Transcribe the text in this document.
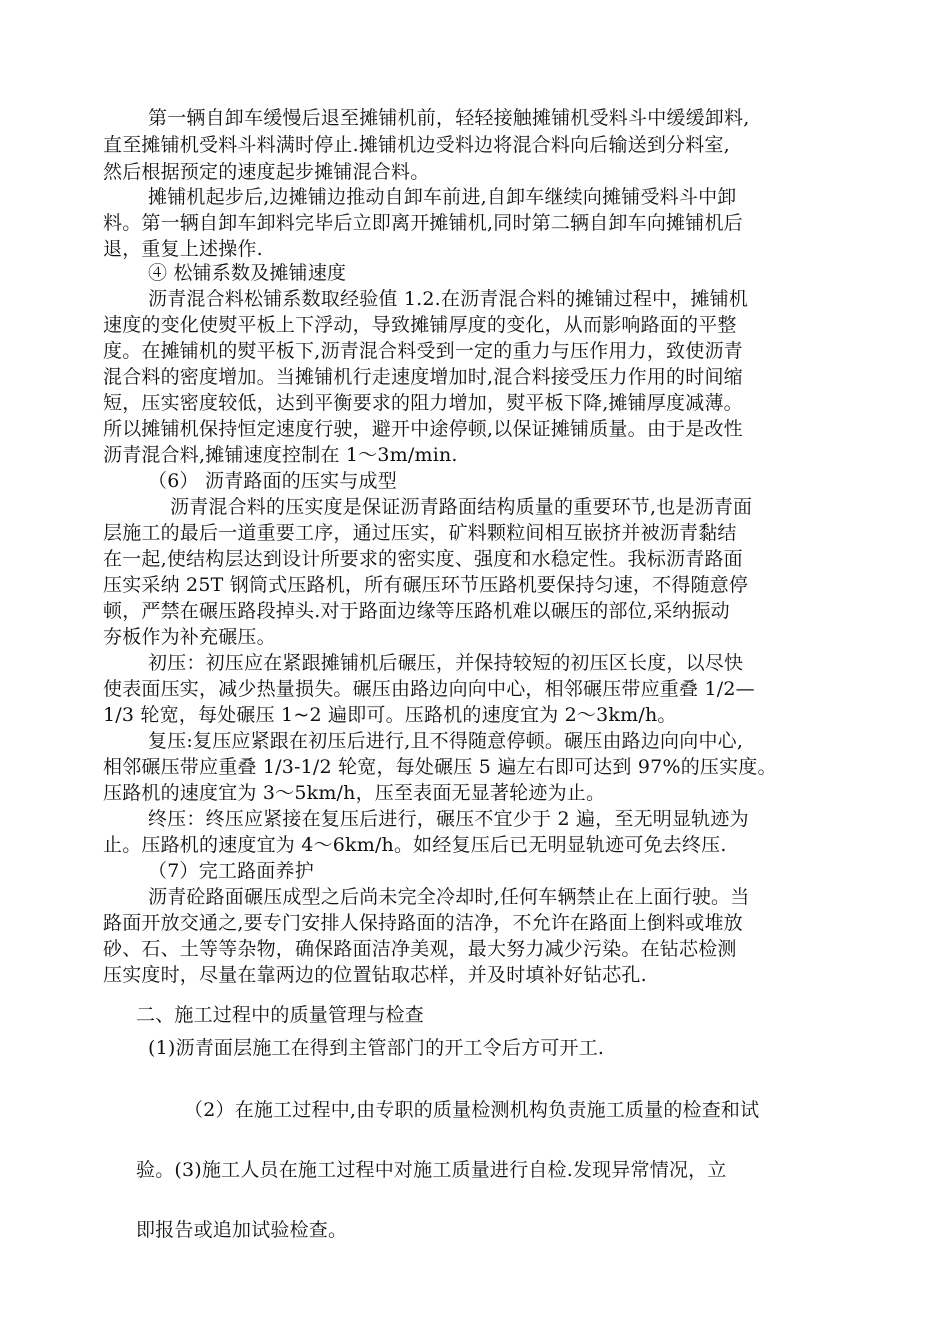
第一辆自卸车缓慢后退至摊铺机前，轻轻接触摊铺机受料斗中缓缓卸料,
直至摊铺机受料斗料满时停止.摊铺机边受料边将混合料向后输送到分料室,
然后根据预定的速度起步摊铺混合料。
摊铺机起步后,边摊铺边推动自卸车前进,自卸车继续向摊铺受料斗中卸
料。第一辆自卸车卸料完毕后立即离开摊铺机,同时第二辆自卸车向摊铺机后
退，重复上述操作.
④ 松铺系数及摊铺速度
沥青混合料松铺系数取经验值 1.2.在沥青混合料的摊铺过程中，摊铺机
速度的变化使熨平板上下浮动，导致摊铺厚度的变化，从而影响路面的平整
度。在摊铺机的熨平板下,沥青混合料受到一定的重力与压作用力，致使沥青
混合料的密度增加。当摊铺机行走速度增加时,混合料接受压力作用的时间缩
短，压实密度较低，达到平衡要求的阻力增加，熨平板下降,摊铺厚度减薄。
所以摊铺机保持恒定速度行驶，避开中途停顿,以保证摊铺质量。由于是改性
沥青混合料,摊铺速度控制在 1～3m/min.
（6） 沥青路面的压实与成型
沥青混合料的压实度是保证沥青路面结构质量的重要环节,也是沥青面
层施工的最后一道重要工序，通过压实，矿料颗粒间相互嵌挤并被沥青黏结
在一起,使结构层达到设计所要求的密实度、强度和水稳定性。我标沥青路面
压实采纳 25T 钢筒式压路机，所有碾压环节压路机要保持匀速，不得随意停
顿，严禁在碾压路段掉头.对于路面边缘等压路机难以碾压的部位,采纳振动
夯板作为补充碾压。
初压：初压应在紧跟摊铺机后碾压，并保持较短的初压区长度，以尽快
使表面压实，减少热量损失。碾压由路边向向中心，相邻碾压带应重叠 1/2—
1/3 轮宽，每处碾压 1~2 遍即可。压路机的速度宜为 2～3km/h。
复压:复压应紧跟在初压后进行,且不得随意停顿。碾压由路边向向中心,
相邻碾压带应重叠 1/3-1/2 轮宽，每处碾压 5 遍左右即可达到 97%的压实度。
压路机的速度宜为 3～5km/h，压至表面无显著轮迹为止。
终压：终压应紧接在复压后进行，碾压不宜少于 2 遍，至无明显轨迹为
止。压路机的速度宜为 4～6km/h。如经复压后已无明显轨迹可免去终压.
（7）完工路面养护
沥青砼路面碾压成型之后尚未完全冷却时,任何车辆禁止在上面行驶。当
路面开放交通之,要专门安排人保持路面的洁净，不允许在路面上倒料或堆放
砂、石、土等等杂物，确保路面洁净美观，最大努力减少污染。在钻芯检测
压实度时，尽量在靠两边的位置钻取芯样，并及时填补好钻芯孔.
二、施工过程中的质量管理与检查
(1)沥青面层施工在得到主管部门的开工令后方可开工.
（2）在施工过程中,由专职的质量检测机构负责施工质量的检查和试
验。(3)施工人员在施工过程中对施工质量进行自检.发现异常情况，立
即报告或追加试验检查。
